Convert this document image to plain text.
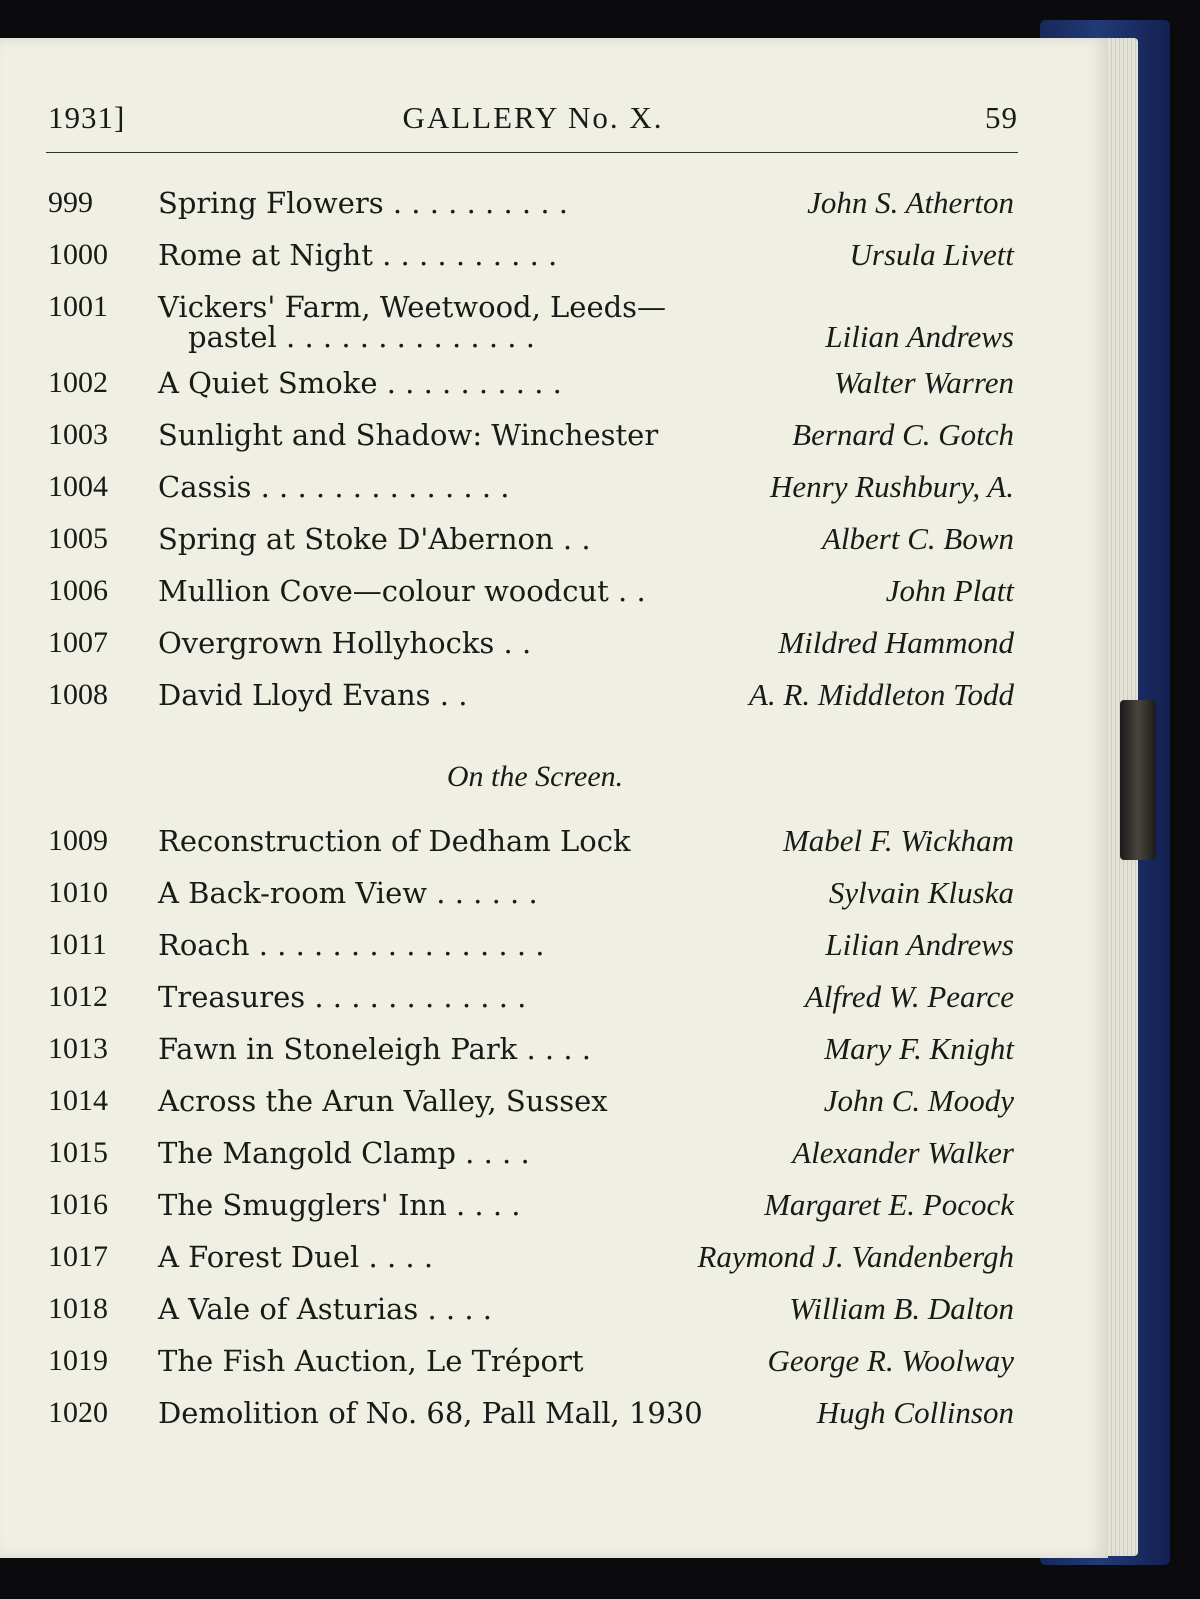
1931]	GALLERY No. X.	59
999 Spring Flowers . . . . . . . . . .	John S. Atherton
1000 Rome at Night . . . . . . . . . .	Ursula Livett
1001 Vickers' Farm, Weetwood, Leeds—
pastel . . . . . . . . . . . . . .	Lilian Andrews
1002 A Quiet Smoke . . . . . . . . . .	Walter Warren
1003 Sunlight and Shadow: Winchester	Bernard C. Gotch
1004 Cassis . . . . . . . . . . . . . .	Henry Rushbury, A.
1005 Spring at Stoke D'Abernon . .	Albert C. Bown
1006 Mullion Cove—colour woodcut . .	John Platt
1007 Overgrown Hollyhocks . .	Mildred Hammond
1008 David Lloyd Evans . .	A. R. Middleton Todd
On the Screen.
1009 Reconstruction of Dedham Lock	Mabel F. Wickham
1010 A Back-room View . . . . . .	Sylvain Kluska
1011 Roach . . . . . . . . . . . . . . . .	Lilian Andrews
1012 Treasures . . . . . . . . . . . .	Alfred W. Pearce
1013 Fawn in Stoneleigh Park . . . .	Mary F. Knight
1014 Across the Arun Valley, Sussex	John C. Moody
1015 The Mangold Clamp . . . .	Alexander Walker
1016 The Smugglers' Inn . . . .	Margaret E. Pocock
1017 A Forest Duel . . . .	Raymond J. Vandenbergh
1018 A Vale of Asturias . . . .	William B. Dalton
1019 The Fish Auction, Le Tréport	George R. Woolway
1020 Demolition of No. 68, Pall Mall, 1930	Hugh Collinson
